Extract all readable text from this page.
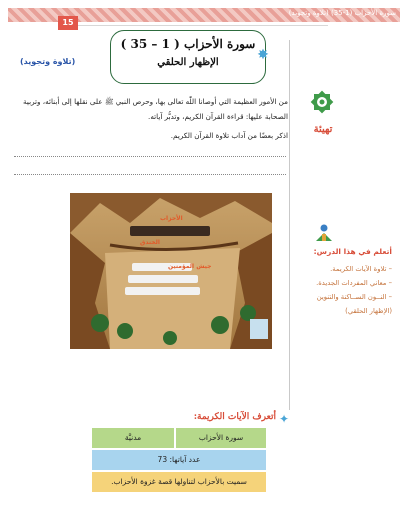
سورة الأحزاب (1-35) (تلاوة وتجويد)
15
سورة الأحزاب ( 1 – 35 )
الإظهار الحلقي	✸
(تلاوة وتجويد)
تهيئة
أتعلم في هذا الدرس:
– تلاوة الآيات الكريمة.
– معاني المفردات الجديدة.
– النــون الســاكنة والتنوين
(الإظهار الحلقي)

من الأمور العظيمة التي أوصانا اللّٰه تعالى بها، وحرص النبي ﷺ على نقلها إلى أبنائه، وتربية الصحابة عليها: قراءة القرآن الكريم، وتدبُّر آياته.

اذكر بعضًا من آداب تلاوة القرآن الكريم.

الأحزاب
الخندق
جيش المؤمنين
✦
أتعرف الآيات الكريمة:
سورة الأحزاب
مدنيَّة
عدد آياتها: 73
سميت بالأحزاب لتناولها قصة غزوة الأحزاب.
